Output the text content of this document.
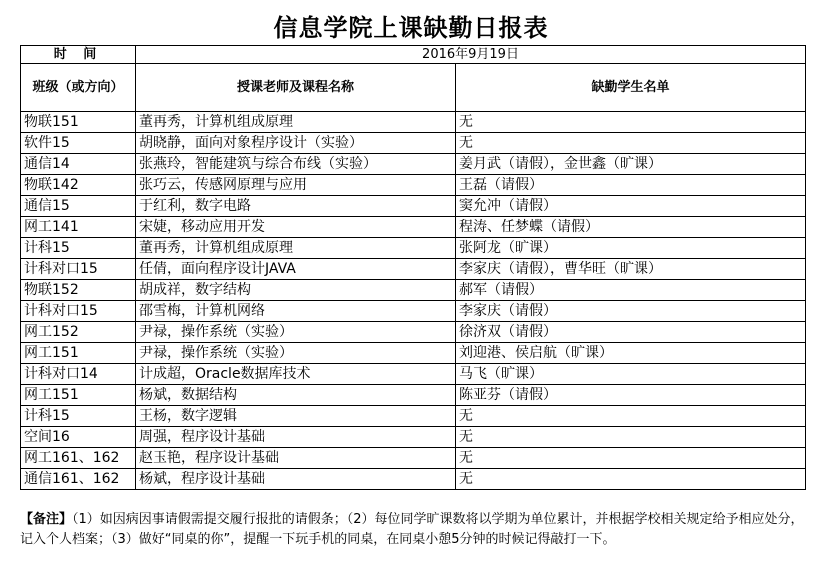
信息学院上课缺勤日报表
时 间	2016年9月19日	
班级（或方向）	授课老师及课程名称	缺勤学生名单
物联151	董再秀，计算机组成原理	无
软件15	胡晓静，面向对象程序设计（实验）	无
通信14	张燕玲，智能建筑与综合布线（实验）	姜月武（请假），金世鑫（旷课）
物联142	张巧云，传感网原理与应用	王磊（请假）
通信15	于红利，数字电路	窦允冲（请假）
网工141	宋婕，移动应用开发	程涛、任梦蝶（请假）
计科15	董再秀，计算机组成原理	张阿龙（旷课）
计科对口15	任倩，面向程序设计JAVA	李家庆（请假），曹华旺（旷课）
物联152	胡成祥，数字结构	郝军（请假）
计科对口15	邵雪梅，计算机网络	李家庆（请假）
网工152	尹禄，操作系统（实验）	徐济双（请假）
网工151	尹禄，操作系统（实验）	刘迎港、侯启航（旷课）
计科对口14	计成超，Oracle数据库技术	马飞（旷课）
网工151	杨斌，数据结构	陈亚芬（请假）
计科15	王杨，数字逻辑	无
空间16	周强，程序设计基础	无
网工161、162	赵玉艳，程序设计基础	无
通信161、162	杨斌，程序设计基础	无
【备注】（1）如因病因事请假需提交履行报批的请假条；（2）每位同学旷课数将以学期为单位累计，并根据学校相关规定给予相应处分，记入个人档案；（3）做好“同桌的你”，提醒一下玩手机的同桌，在同桌小憩5分钟的时候记得敲打一下。
